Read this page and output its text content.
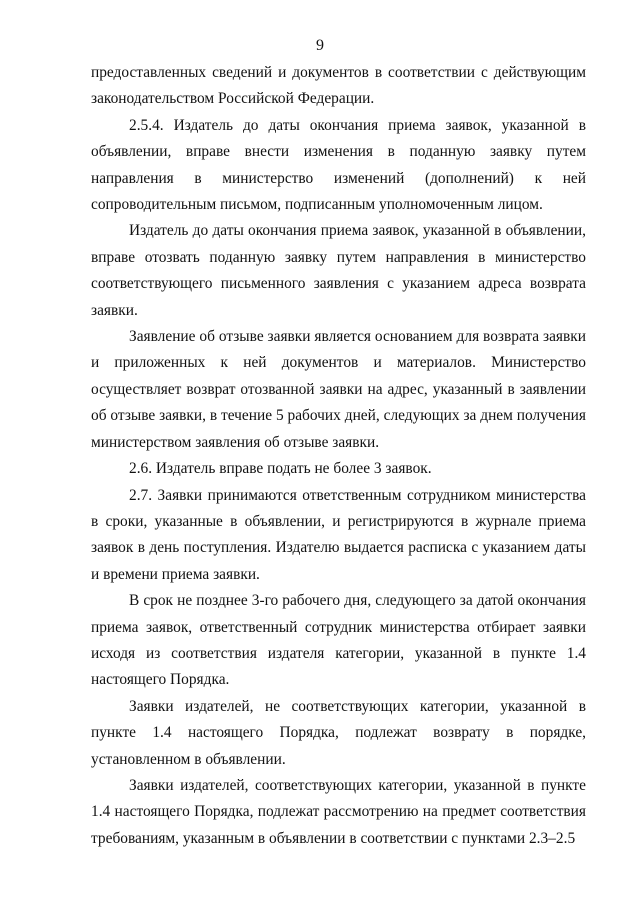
9

предоставленных сведений и документов в соответствии с действующим законодательством Российской Федерации.

2.5.4. Издатель до даты окончания приема заявок, указанной в объявлении, вправе внести изменения в поданную заявку путем направления в министерство изменений (дополнений) к ней сопроводительным письмом, подписанным уполномоченным лицом.

Издатель до даты окончания приема заявок, указанной в объявлении, вправе отозвать поданную заявку путем направления в министерство соответствующего письменного заявления с указанием адреса возврата заявки.

Заявление об отзыве заявки является основанием для возврата заявки и приложенных к ней документов и материалов. Министерство осуществляет возврат отозванной заявки на адрес, указанный в заявлении об отзыве заявки, в течение 5 рабочих дней, следующих за днем получения министерством заявления об отзыве заявки.

2.6. Издатель вправе подать не более 3 заявок.

2.7. Заявки принимаются ответственным сотрудником министерства в сроки, указанные в объявлении, и регистрируются в журнале приема заявок в день поступления. Издателю выдается расписка с указанием даты и времени приема заявки.

В срок не позднее 3-го рабочего дня, следующего за датой окончания приема заявок, ответственный сотрудник министерства отбирает заявки исходя из соответствия издателя категории, указанной в пункте 1.4 настоящего Порядка.

Заявки издателей, не соответствующих категории, указанной в пункте 1.4 настоящего Порядка, подлежат возврату в порядке, установленном в объявлении.

Заявки издателей, соответствующих категории, указанной в пункте 1.4 настоящего Порядка, подлежат рассмотрению на предмет соответствия требованиям, указанным в объявлении в соответствии с пунктами 2.3–2.5
